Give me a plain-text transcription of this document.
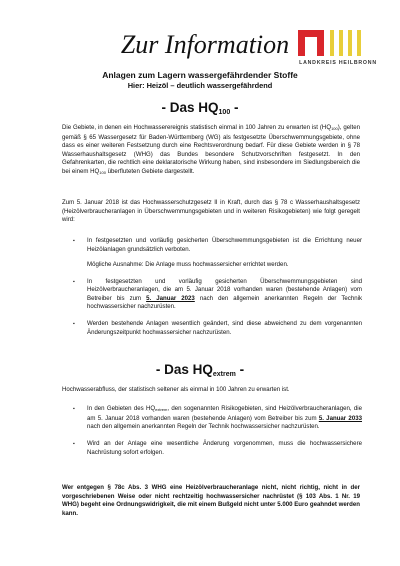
Zur Information
LANDKREIS HEILBRONN
Anlagen zum Lagern wassergefährdender Stoffe
Hier: Heizöl – deutlich wassergefährdend
- Das $HQ_{100}$ -
Die Gebiete, in denen ein Hochwasserereignis statistisch einmal in 100 Jahren zu erwarten ist $(HQ_{100})$, gelten gemäß § 65 Wassergesetz für Baden-Württemberg (WG) als festgesetzte Überschwemmungsgebiete, ohne dass es einer weiteren Festsetzung durch eine Rechtsverordnung bedarf. Für diese Gebiete werden in § 78 Wasserhaushaltsgesetz (WHG) das Bundes besondere Schutzvorschriften festgesetzt. In den Gefahrenkarten, die rechtlich eine deklaratorische Wirkung haben, sind insbesondere im Siedlungsbereich die bei einem $HQ_{100}$ überfluteten Gebiete dargestellt.
Zum 5. Januar 2018 ist das Hochwasserschutzgesetz II in Kraft, durch das § 78 c Wasserhaushaltsgesetz (Heizölverbraucheranlagen in Überschwemmungsgebieten und in weiteren Risikogebieten) wie folgt geregelt wird:
▪ In festgesetzten und vorläufig gesicherten Überschwemmungsgebieten ist die Errichtung neuer Heizölanlagen grundsätzlich verboten.
Mögliche Ausnahme: Die Anlage muss hochwassersicher errichtet werden.
▪ In festgesetzten und vorläufig gesicherten Überschwemmungsgebieten sind Heizölverbraucheranlagen, die am 5. Januar 2018 vorhanden waren (bestehende Anlagen) vom Betreiber bis zum 5. Januar 2023 nach den allgemein anerkannten Regeln der Technik hochwassersicher nachzurüsten.
▪ Werden bestehende Anlagen wesentlich geändert, sind diese abweichend zu dem vorgenannten Änderungszeitpunkt hochwassersicher nachzurüsten.
- Das $HQ_{extrem}$ -
Hochwasserabfluss, der statistisch seltener als einmal in 100 Jahren zu erwarten ist.
▪ In den Gebieten des $HQ_{extrem}$, den sogenannten Risikogebieten, sind Heizölverbraucheranlagen, die am 5. Januar 2018 vorhanden waren (bestehende Anlagen) vom Betreiber bis zum 5. Januar 2033 nach den allgemein anerkannten Regeln der Technik hochwassersicher nachzurüsten.
▪ Wird an der Anlage eine wesentliche Änderung vorgenommen, muss die hochwassersichere Nachrüstung sofort erfolgen.
Wer entgegen § 78c Abs. 3 WHG eine Heizölverbraucheranlage nicht, nicht richtig, nicht in der vorgeschriebenen Weise oder nicht rechtzeitig hochwassersicher nachrüstet (§ 103 Abs. 1 Nr. 19 WHG) begeht eine Ordnungswidrigkeit, die mit einem Bußgeld nicht unter 5.000 Euro geahndet werden kann.
